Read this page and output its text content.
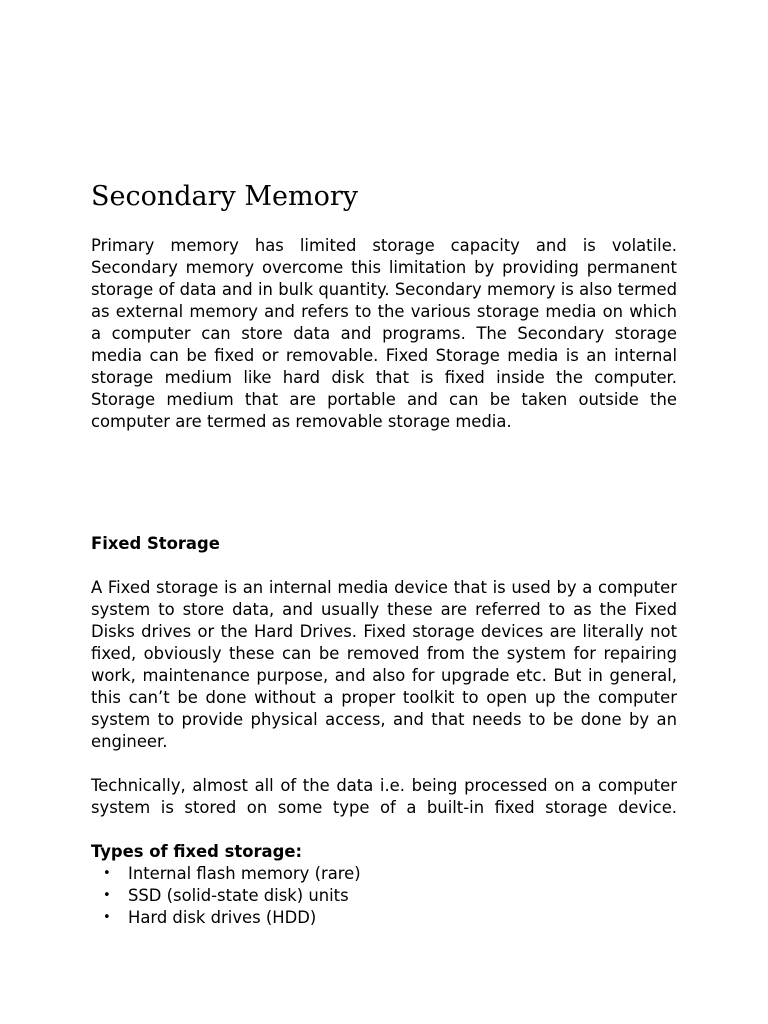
Secondary Memory

Primary memory has limited storage capacity and is volatile. Secondary memory overcome this limitation by providing permanent storage of data and in bulk quantity. Secondary memory is also termed as external memory and refers to the various storage media on which a computer can store data and programs. The Secondary storage media can be fixed or removable. Fixed Storage media is an internal storage medium like hard disk that is fixed inside the computer. Storage medium that are portable and can be taken outside the computer are termed as removable storage media.

Fixed Storage

A Fixed storage is an internal media device that is used by a computer system to store data, and usually these are referred to as the Fixed Disks drives or the Hard Drives. Fixed storage devices are literally not fixed, obviously these can be removed from the system for repairing work, maintenance purpose, and also for upgrade etc. But in general, this can’t be done without a proper toolkit to open up the computer system to provide physical access, and that needs to be done by an engineer.

Technically, almost all of the data i.e. being processed on a computer system is stored on some type of a built-in fixed storage device.

Types of fixed storage:

• Internal flash memory (rare)
• SSD (solid-state disk) units
• Hard disk drives (HDD)
